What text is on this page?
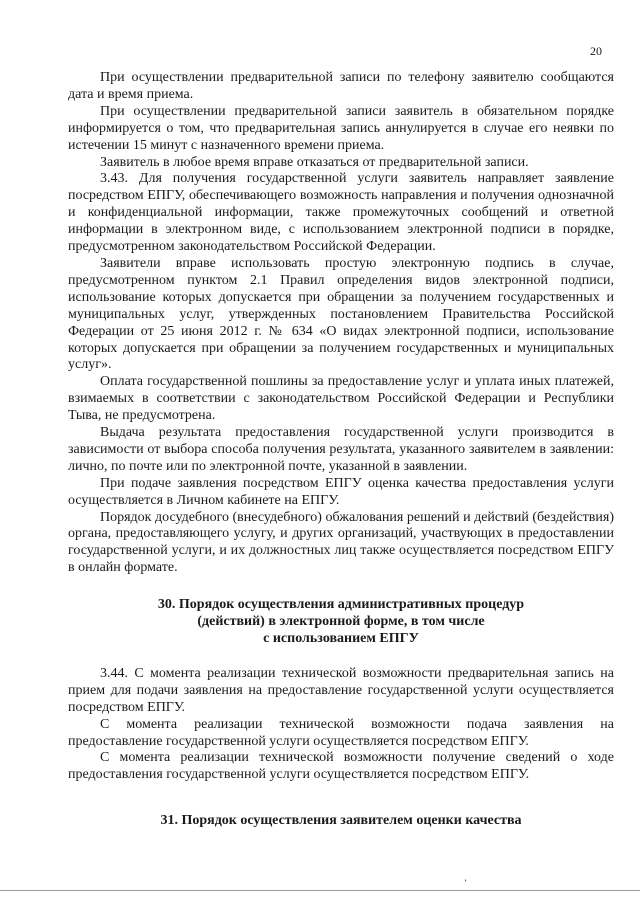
20

При осуществлении предварительной записи по телефону заявителю сообщаются дата и время приема.

При осуществлении предварительной записи заявитель в обязательном порядке информируется о том, что предварительная запись аннулируется в случае его неявки по истечении 15 минут с назначенного времени приема.

Заявитель в любое время вправе отказаться от предварительной записи.

3.43. Для получения государственной услуги заявитель направляет заявление посредством ЕПГУ, обеспечивающего возможность направления и получения однозначной и конфиденциальной информации, также промежуточных сообщений и ответной информации в электронном виде, с использованием электронной подписи в порядке, предусмотренном законодательством Российской Федерации.

Заявители вправе использовать простую электронную подпись в случае, предусмотренном пунктом 2.1 Правил определения видов электронной подписи, использование которых допускается при обращении за получением государственных и муниципальных услуг, утвержденных постановлением Правительства Российской Федерации от 25 июня 2012 г. № 634 «О видах электронной подписи, использование которых допускается при обращении за получением государственных и муниципальных услуг».

Оплата государственной пошлины за предоставление услуг и уплата иных платежей, взимаемых в соответствии с законодательством Российской Федерации и Республики Тыва, не предусмотрена.

Выдача результата предоставления государственной услуги производится в зависимости от выбора способа получения результата, указанного заявителем в заявлении: лично, по почте или по электронной почте, указанной в заявлении.

При подаче заявления посредством ЕПГУ оценка качества предоставления услуги осуществляется в Личном кабинете на ЕПГУ.

Порядок досудебного (внесудебного) обжалования решений и действий (бездействия) органа, предоставляющего услугу, и других организаций, участвующих в предоставлении государственной услуги, и их должностных лиц также осуществляется посредством ЕПГУ в онлайн формате.

30. Порядок осуществления административных процедур
(действий) в электронной форме, в том числе
с использованием ЕПГУ

3.44. С момента реализации технической возможности предварительная запись на прием для подачи заявления на предоставление государственной услуги осуществляется посредством ЕПГУ.

С момента реализации технической возможности подача заявления на предоставление государственной услуги осуществляется посредством ЕПГУ.

С момента реализации технической возможности получение сведений о ходе предоставления государственной услуги осуществляется посредством ЕПГУ.

31. Порядок осуществления заявителем оценки качества
ʼ
